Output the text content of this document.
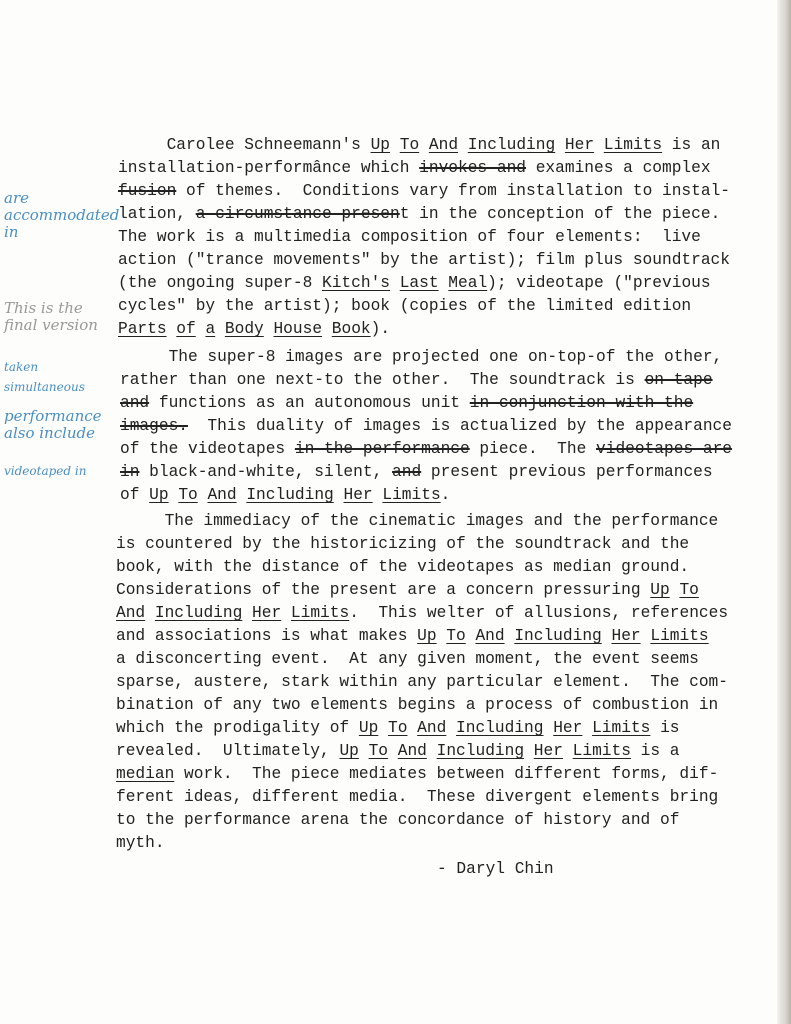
Carolee Schneemann's Up To And Including Her Limits is an
installation-performânce which invokes and examines a complex
fusion of themes.  Conditions vary from installation to instal-
lation, a circumstance present in the conception of the piece.
The work is a multimedia composition of four elements:  live
action ("trance movements" by the artist); film plus soundtrack
(the ongoing super-8 Kitch's Last Meal); videotape ("previous
cycles" by the artist); book (copies of the limited edition
Parts of a Body House Book).
The super-8 images are projected one on-top-of the other,
rather than one next-to the other.  The soundtrack is on tape
and functions as an autonomous unit in conjunction with the
images.  This duality of images is actualized by the appearance
of the videotapes in the performance piece.  The videotapes are
in black-and-white, silent, and present previous performances
of Up To And Including Her Limits.
The immediacy of the cinematic images and the performance
is countered by the historicizing of the soundtrack and the
book, with the distance of the videotapes as median ground.
Considerations of the present are a concern pressuring Up To
And Including Her Limits.  This welter of allusions, references
and associations is what makes Up To And Including Her Limits
a disconcerting event.  At any given moment, the event seems
sparse, austere, stark within any particular element.  The com-
bination of any two elements begins a process of combustion in
which the prodigality of Up To And Including Her Limits is
revealed.  Ultimately, Up To And Including Her Limits is a
median work.  The piece mediates between different forms, dif-
ferent ideas, different media.  These divergent elements bring
to the performance arena the concordance of history and of
myth.
- Daryl Chin
are accommodated in
This is the final version
taken
simultaneous
performance also include
videotaped in
